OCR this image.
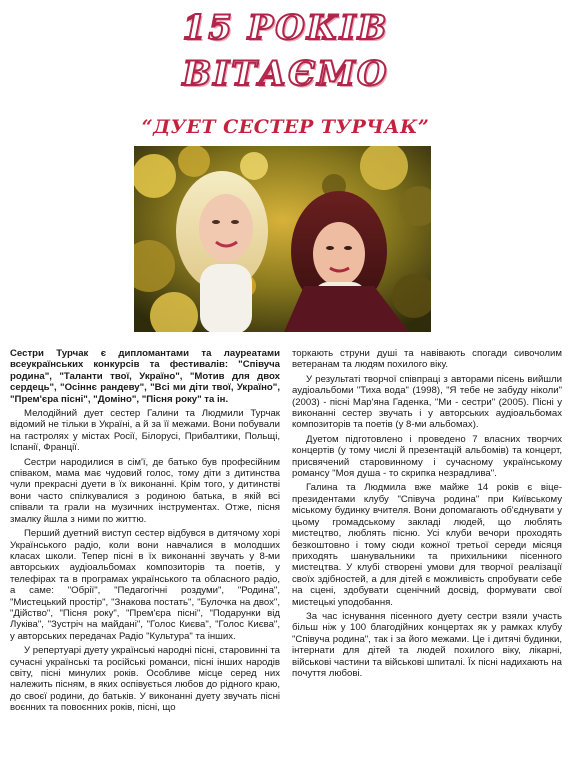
15 РОКІВ
ВІТАЄМО
“ДУЕТ СЕСТЕР ТУРЧАК”

Сестри Турчак є дипломантами та лауреатами всеукраїнських конкурсів та фестивалів: "Співуча родина", "Таланти твої, Україно", "Мотив для двох сердець", "Осіннє рандеву", "Всі ми діти твої, Україно", "Прем'єра пісні", "Доміно", "Пісня року" та ін.

Мелодійний дует сестер Галини та Людмили Турчак відомий не тільки в Україні, а й за її межами. Вони побували на гастролях у містах Росії, Білорусі, Прибалтики, Польщі, Іспанії, Франції.

Сестри народилися в сім'ї, де батько був професійним співаком, мама має чудовий голос, тому діти з дитинства чули прекрасні дуети в їх виконанні. Крім того, у дитинстві вони часто спілкувалися з родиною батька, в якій всі співали та грали на музичних інструментах. Отже, пісня змалку йшла з ними по життю.

Перший дуетний виступ сестер відбувся в дитячому хорі Українського радіо, коли вони навчалися в молодших класах школи. Тепер пісні в їх виконанні звучать у 8-ми авторських аудіоальбомах композиторів та поетів, у телефірах та в програмах українського та обласного радіо, а саме: "Обрії", "Педагогічні роздуми", "Родина", "Мистецький простір", "Знакова постать", "Булочка на двох", "Дійство", "Пісня року", "Прем'єра пісні", "Подарунки від Луківа", "Зустріч на майдані", "Голос Києва", "Голос Києва", у авторських передачах Радіо "Культура" та інших.

У репертуарі дуету українські народні пісні, старовинні та сучасні українські та російські романси, пісні інших народів світу, пісні минулих років. Особливе місце серед них належить пісням, в яких оспівується любов до рідного краю, до своєї родини, до батьків. У виконанні дуету звучать пісні воєнних та повоєнних років, пісні, що

торкають струни душі та навівають спогади сивочолим ветеранам та людям похилого віку.

У результаті творчої співпраці з авторами пісень вийшли аудіоальбоми "Тиха вода" (1998), "Я тебе не забуду ніколи" (2003) - пісні Мар'яна Гаденка, "Ми - сестри" (2005). Пісні у виконанні сестер звучать і у авторських аудіоальбомах композиторів та поетів (у 8-ми альбомах).

Дуетом підготовлено і проведено 7 власних творчих концертів (у тому числі й презентацій альбомів) та концерт, присвячений старовинному і сучасному українському романсу "Моя душа - то скрипка незрадлива".

Галина та Людмила вже майже 14 років є віце-президентами клубу "Співуча родина" при Київському міському будинку вчителя. Вони допомагають об'єднувати у цьому громадському закладі людей, що люблять мистецтво, люблять пісню. Усі клуби вечори проходять безкоштовно і тому сюди кожної третьої середи місяця приходять шанувальники та прихильники пісенного мистецтва. У клубі створені умови для творчої реалізації своїх здібностей, а для дітей є можливість спробувати себе на сцені, здобувати сценічний досвід, формувати свої мистецькі уподобання.

За час існування пісенного дуету сестри взяли участь більш ніж у 100 благодійних концертах як у рамках клубу "Співуча родина", так і за його межами. Це і дитячі будинки, інтернати для дітей та людей похилого віку, лікарні, військові частини та військові шпиталі. Їх пісні надихають на почуття любові.
